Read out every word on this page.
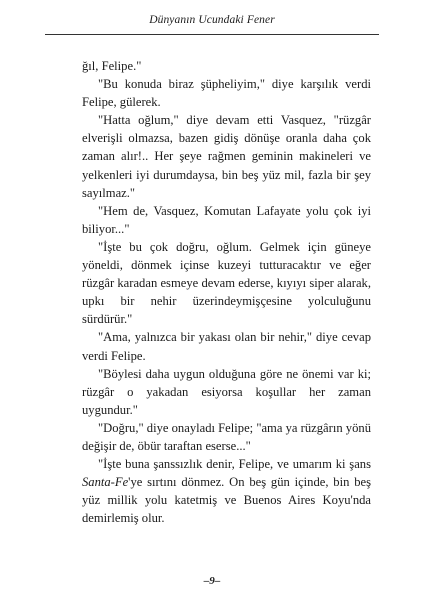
Dünyanın Ucundaki Fener

ğıl, Felipe."

"Bu konuda biraz şüpheliyim," diye karşılık verdi Felipe, gülerek.

"Hatta oğlum," diye devam etti Vasquez, "rüzgâr elverişli olmazsa, bazen gidiş dönüşe oranla daha çok zaman alır!.. Her şeye rağmen geminin makineleri ve yelkenleri iyi durumdaysa, bin beş yüz mil, fazla bir şey sayılmaz."

"Hem de, Vasquez, Komutan Lafayate yolu çok iyi biliyor..."

"İşte bu çok doğru, oğlum. Gelmek için güneye yöneldi, dönmek içinse kuzeyi tutturacaktır ve eğer rüzgâr karadan esmeye devam ederse, kıyıyı siper alarak, upkı bir nehir üzerindeymişçesine yolculuğunu sürdürür."

"Ama, yalnızca bir yakası olan bir nehir," diye cevap verdi Felipe.

"Böylesi daha uygun olduğuna göre ne önemi var ki; rüzgâr o yakadan esiyorsa koşullar her zaman uygundur."

"Doğru," diye onayladı Felipe; "ama ya rüzgârın yönü değişir de, öbür taraftan eserse..."

"İşte buna şanssızlık denir, Felipe, ve umarım ki şans Santa-Fe'ye sırtını dönmez. On beş gün içinde, bin beş yüz millik yolu katetmiş ve Buenos Aires Koyu'nda demirlemiş olur.

–9–
